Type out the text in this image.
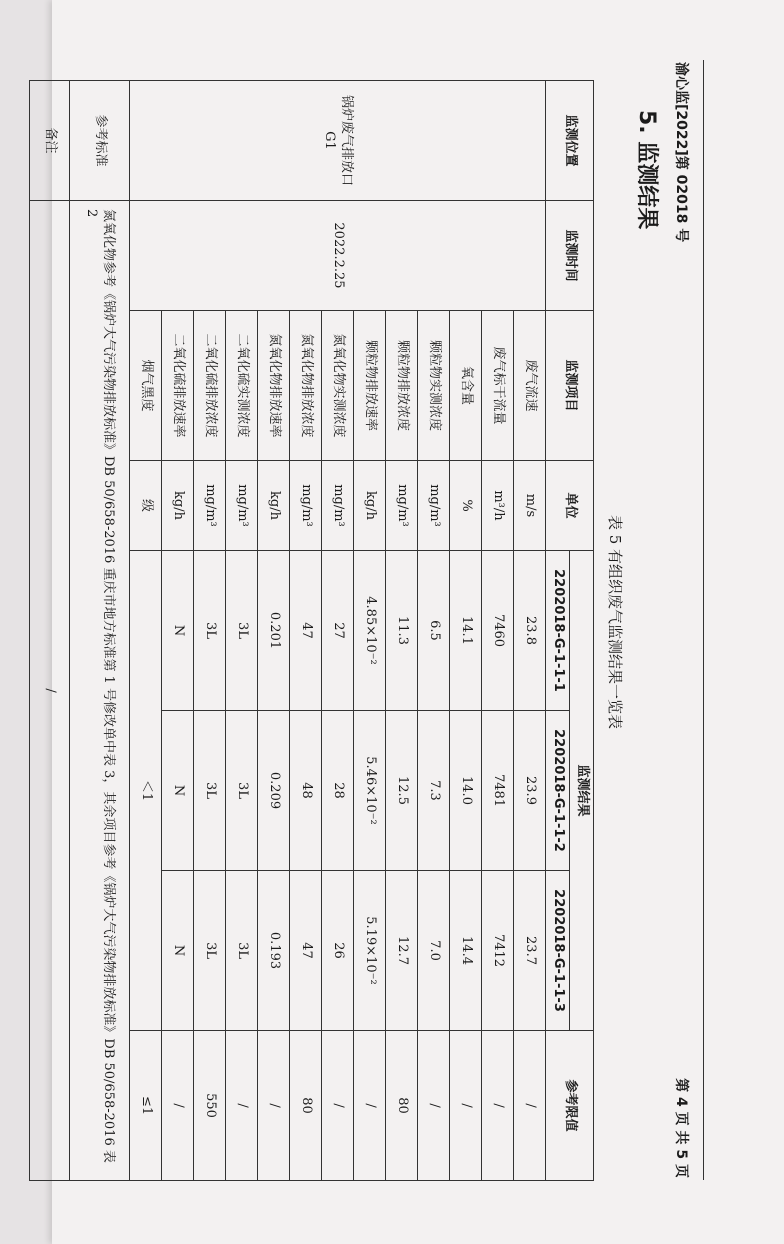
渝心监[2022]第 02018 号
第 4 页 共 5 页
5. 监测结果
表 5 有组织废气监测结果一览表
监测位置	监测时间	监测项目	单位	监测结果			参考限值
				2202018-G-1-1-1	2202018-G-1-1-2	2202018-G-1-1-3	
锅炉废气排放口 G1	2022.2.25	废气流速	m/s	23.8	23.9	23.7	/
		废气标干流量	m³/h	7460	7481	7412	/
		氧含量	%	14.1	14.0	14.4	/
		颗粒物实测浓度	mg/m³	6.5	7.3	7.0	/
		颗粒物排放浓度	mg/m³	11.3	12.5	12.7	80
		颗粒物排放速率	kg/h	4.85×10⁻²	5.46×10⁻²	5.19×10⁻²	/
		氮氧化物实测浓度	mg/m³	27	28	26	/
		氮氧化物排放浓度	mg/m³	47	48	47	80
		氮氧化物排放速率	kg/h	0.201	0.209	0.193	/
		二氧化硫实测浓度	mg/m³	3L	3L	3L	/
		二氧化硫排放浓度	mg/m³	3L	3L	3L	550
		二氧化硫排放速率	kg/h	N	N	N	/
		烟气黑度	级	＜1			≤1
参考标准	氮氧化物参考《锅炉大气污染物排放标准》DB 50/658-2016 重庆市地方标准第 1 号修改单中表 3，其余项目参考《锅炉大气污染物排放标准》DB 50/658-2016 表 2						
备注	/						
